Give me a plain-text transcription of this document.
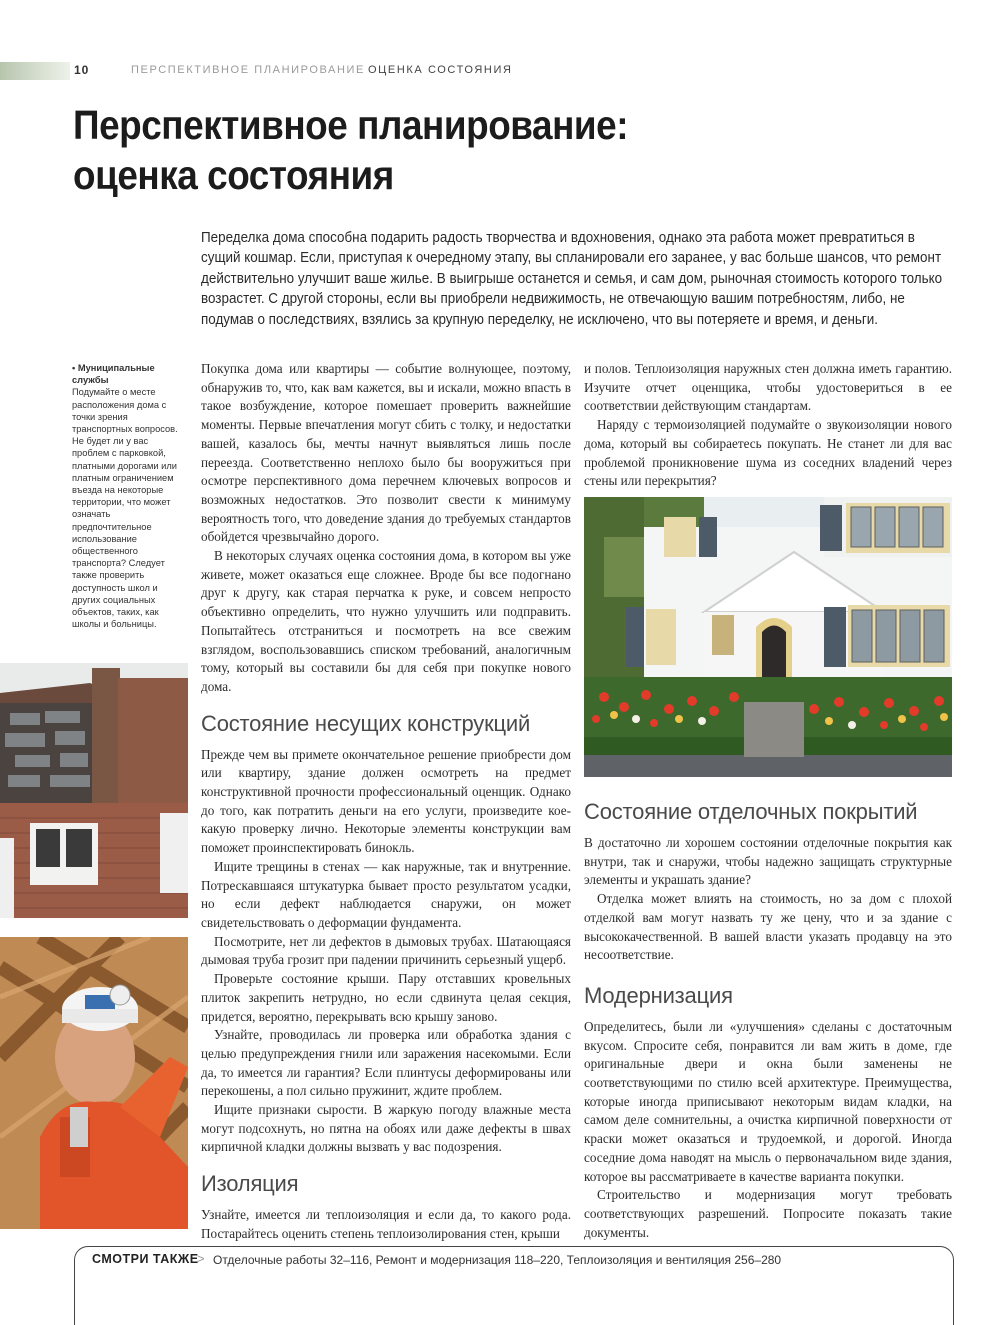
10	ПЕРСПЕКТИВНОЕ ПЛАНИРОВАНИЕ ОЦЕНКА СОСТОЯНИЯ
Перспективное планирование:
оценка состояния

Переделка дома способна подарить радость творчества и вдохновения, однако эта работа может превратиться в сущий кошмар. Если, приступая к очередному этапу, вы спланировали его заранее, у вас больше шансов, что ремонт действительно улучшит ваше жилье. В выигрыше останется и семья, и сам дом, рыночная стоимость которого только возрастет. С другой стороны, если вы приобрели недвижимость, не отвечающую вашим потребностям, либо, не подумав о последствиях, взялись за крупную переделку, не исключено, что вы потеряете и время, и деньги.

• Муниципальные службы
Подумайте о месте расположения дома с точки зрения транспортных вопросов. Не будет ли у вас проблем с парковкой, платными дорогами или платным ограничением въезда на некоторые территории, что может означать предпочтительное использование общественного транспорта? Следует также проверить доступность школ и других социальных объектов, таких, как школы и больницы.

Покупка дома или квартиры — событие волнующее, поэтому, обнаружив то, что, как вам кажется, вы и искали, можно впасть в такое возбуждение, которое помешает проверить важнейшие моменты. Первые впечатления могут сбить с толку, и недостатки вашей, казалось бы, мечты начнут выявляться лишь после переезда. Соответственно неплохо было бы вооружиться при осмотре перспективного дома перечнем ключевых вопросов и возможных недостатков. Это позволит свести к минимуму вероятность того, что доведение здания до требуемых стандартов обойдется чрезвычайно дорого.

В некоторых случаях оценка состояния дома, в котором вы уже живете, может оказаться еще сложнее. Вроде бы все подогнано друг к другу, как старая перчатка к руке, и совсем непросто объективно определить, что нужно улучшить или подправить. Попытайтесь отстраниться и посмотреть на все свежим взглядом, воспользовавшись списком требований, аналогичным тому, который вы составили бы для себя при покупке нового дома.

Состояние несущих конструкций

Прежде чем вы примете окончательное решение приобрести дом или квартиру, здание должен осмотреть на предмет конструктивной прочности профессиональный оценщик. Однако до того, как потратить деньги на его услуги, произведите кое-какую проверку лично. Некоторые элементы конструкции вам поможет проинспектировать бинокль.

Ищите трещины в стенах — как наружные, так и внутренние. Потрескавшаяся штукатурка бывает просто результатом усадки, но если дефект наблюдается снаружи, он может свидетельствовать о деформации фундамента.

Посмотрите, нет ли дефектов в дымовых трубах. Шатающаяся дымовая труба грозит при падении причинить серьезный ущерб.

Проверьте состояние крыши. Пару отставших кровельных плиток закрепить нетрудно, но если сдвинута целая секция, придется, вероятно, перекрывать всю крышу заново.

Узнайте, проводилась ли проверка или обработка здания с целью предупреждения гнили или заражения насекомыми. Если да, то имеется ли гарантия? Если плинтусы деформированы или перекошены, а пол сильно пружинит, ждите проблем.

Ищите признаки сырости. В жаркую погоду влажные места могут подсохнуть, но пятна на обоях или даже дефекты в швах кирпичной кладки должны вызвать у вас подозрения.

Изоляция

Узнайте, имеется ли теплоизоляция и если да, то какого рода. Постарайтесь оценить степень теплоизолирования стен, крыши

и полов. Теплоизоляция наружных стен должна иметь гарантию. Изучите отчет оценщика, чтобы удостовериться в ее соответствии действующим стандартам.

Наряду с термоизоляцией подумайте о звукоизоляции нового дома, который вы собираетесь покупать. Не станет ли для вас проблемой проникновение шума из соседних владений через стены или перекрытия?

Состояние отделочных покрытий

В достаточно ли хорошем состоянии отделочные покрытия как внутри, так и снаружи, чтобы надежно защищать структурные элементы и украшать здание?

Отделка может влиять на стоимость, но за дом с плохой отделкой вам могут назвать ту же цену, что и за здание с высококачественной. В вашей власти указать продавцу на это несоответствие.

Модернизация

Определитесь, были ли «улучшения» сделаны с достаточным вкусом. Спросите себя, понравится ли вам жить в доме, где оригинальные двери и окна были заменены не соответствующими по стилю всей архитектуре. Преимущества, которые иногда приписывают некоторым видам кладки, на самом деле сомнительны, а очистка кирпичной поверхности от краски может оказаться и трудоемкой, и дорогой. Иногда соседние дома наводят на мысль о первоначальном виде здания, которое вы рассматриваете в качестве варианта покупки.

Строительство и модернизация могут требовать соответствующих разрешений. Попросите показать такие документы.

СМОТРИ ТАКЖЕ
> Отделочные работы 32–116, Ремонт и модернизация 118–220, Теплоизоляция и вентиляция 256–280
